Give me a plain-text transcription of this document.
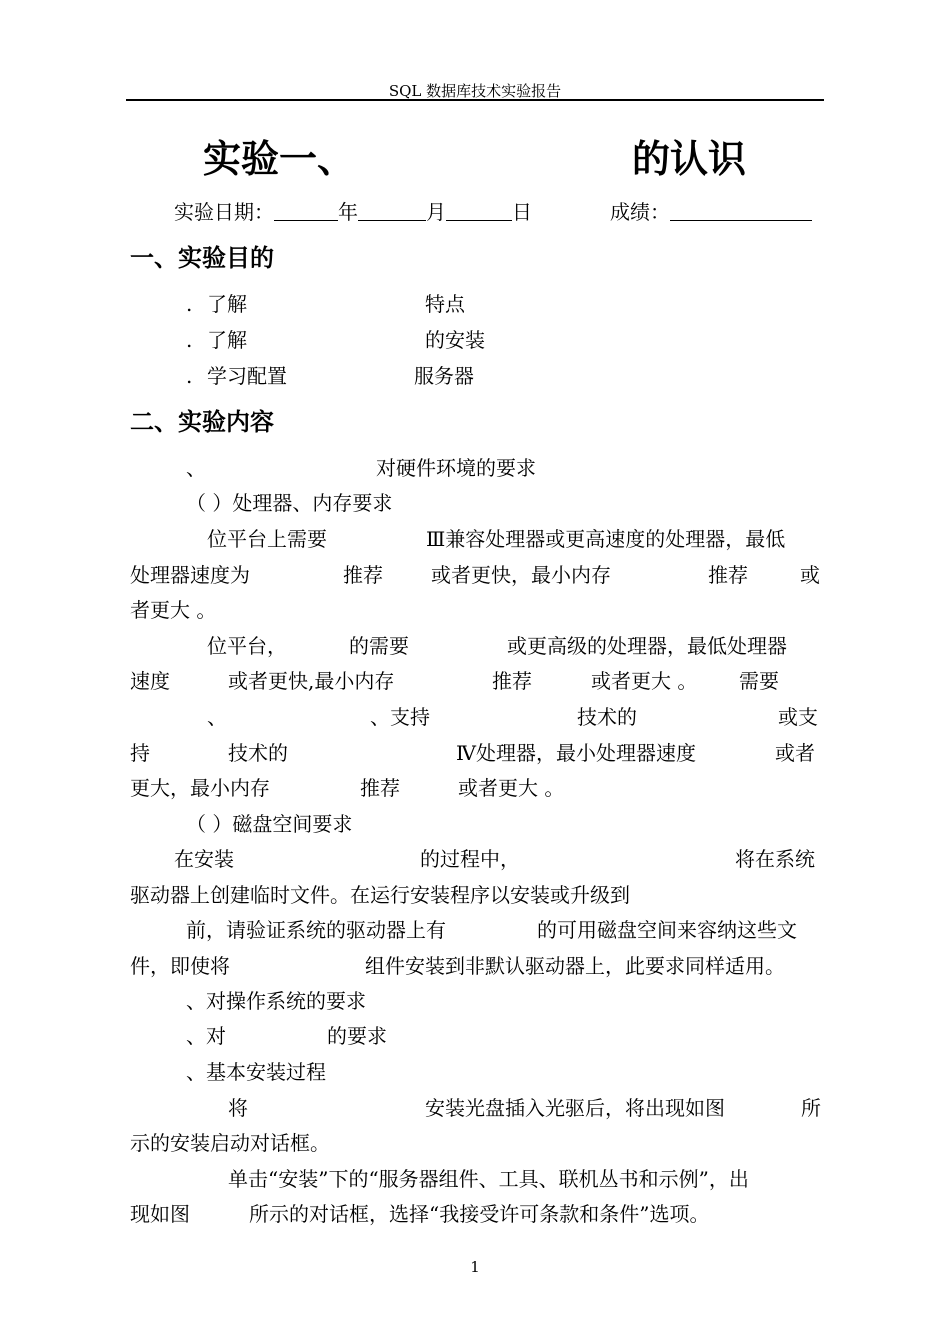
SQL 数据库技术实验报告
实验一、	的认识
实验日期：	年	月	日	成绩：
一、实验目的
. 了解	特点
. 了解	的安装
. 学习配置	服务器
二、实验内容
、	对硬件环境的要求
（ ）处理器、内存要求
位平台上需要	Ⅲ兼容处理器或更高速度的处理器，最低
处理器速度为	推荐 或者更快，最小内存	推荐	或
者更大 。
位平台，	的需要	或更高级的处理器，最低处理器
速度	或者更快,最小内存	推荐	或者更大 。 需要
、	、支持	技术的	或支
持	技术的	Ⅳ处理器，最小处理器速度	或者
更大，最小内存	推荐	或者更大 。
（ ）磁盘空间要求
在安装	的过程中，	将在系统
驱动器上创建临时文件。在运行安装程序以安装或升级到
前，请验证系统的驱动器上有	的可用磁盘空间来容纳这些文
件，即使将	组件安装到非默认驱动器上，此要求同样适用。
、对操作系统的要求
、对	的要求
、基本安装过程
将	安装光盘插入光驱后，将出现如图	所
示的安装启动对话框。
单击“安装”下的“服务器组件、工具、联机丛书和示例”，出
现如图	所示的对话框，选择“我接受许可条款和条件”选项。
1
